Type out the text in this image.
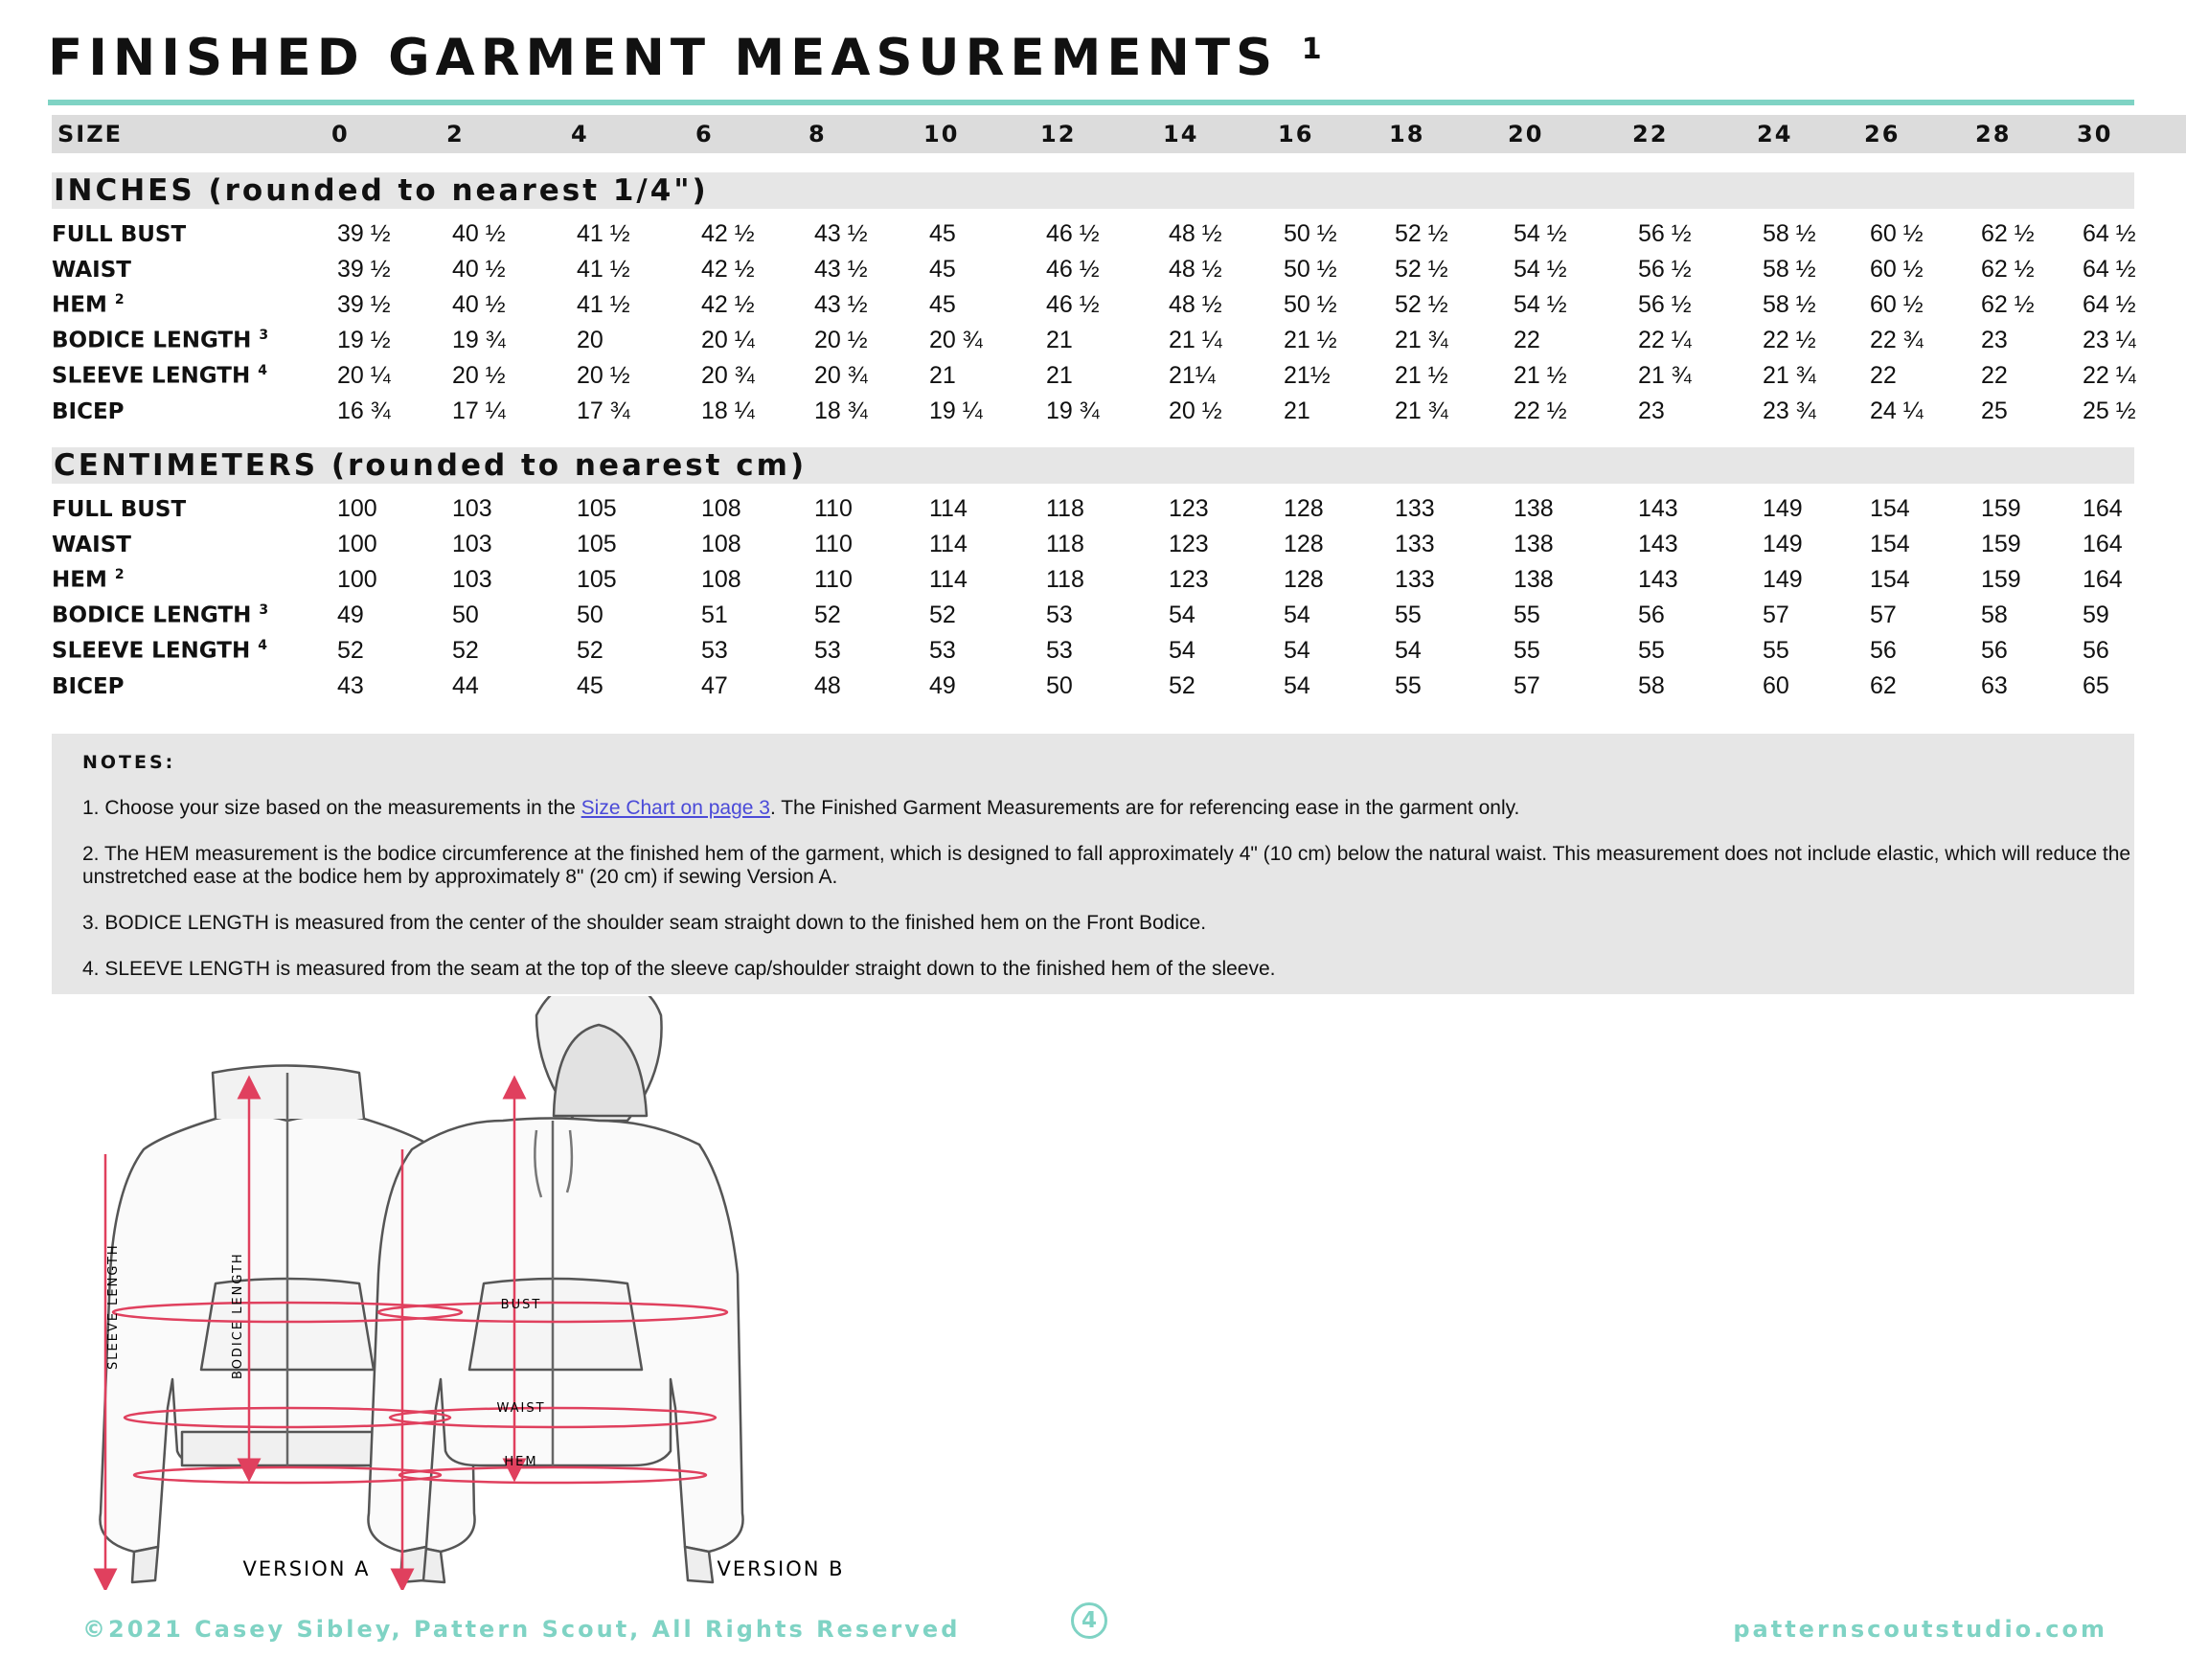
FINISHED GARMENT MEASUREMENTS $^1$
SIZE	0	2	4	6	8	10	12	14	16	18	20	22	24	26	28	30
INCHES (rounded to nearest 1/4")
FULL BUST	39 ½	40 ½	41 ½	42 ½	43 ½	45	46 ½	48 ½	50 ½	52 ½	54 ½	56 ½	58 ½	60 ½	62 ½	64 ½
WAIST	39 ½	40 ½	41 ½	42 ½	43 ½	45	46 ½	48 ½	50 ½	52 ½	54 ½	56 ½	58 ½	60 ½	62 ½	64 ½
HEM $^2$	39 ½	40 ½	41 ½	42 ½	43 ½	45	46 ½	48 ½	50 ½	52 ½	54 ½	56 ½	58 ½	60 ½	62 ½	64 ½
BODICE LENGTH $^3$	19 ½	19 ¾	20	20 ¼	20 ½	20 ¾	21	21 ¼	21 ½	21 ¾	22	22 ¼	22 ½	22 ¾	23	23 ¼
SLEEVE LENGTH $^4$	20 ¼	20 ½	20 ½	20 ¾	20 ¾	21	21	21¼	21½	21 ½	21 ½	21 ¾	21 ¾	22	22	22 ¼
BICEP	16 ¾	17 ¼	17 ¾	18 ¼	18 ¾	19 ¼	19 ¾	20 ½	21	21 ¾	22 ½	23	23 ¾	24 ¼	25	25 ½
CENTIMETERS (rounded to nearest cm)
FULL BUST	100	103	105	108	110	114	118	123	128	133	138	143	149	154	159	164
WAIST	100	103	105	108	110	114	118	123	128	133	138	143	149	154	159	164
HEM $^2$	100	103	105	108	110	114	118	123	128	133	138	143	149	154	159	164
BODICE LENGTH $^3$	49	50	50	51	52	52	53	54	54	55	55	56	57	57	58	59
SLEEVE LENGTH $^4$	52	52	52	53	53	53	53	54	54	54	55	55	55	56	56	56
BICEP	43	44	45	47	48	49	50	52	54	55	57	58	60	62	63	65
NOTES:

1. Choose your size based on the measurements in the Size Chart on page 3. The Finished Garment Measurements are for referencing ease in the garment only.

2. The HEM measurement is the bodice circumference at the finished hem of the garment, which is designed to fall approximately 4" (10 cm) below the natural waist. This measurement does not include elastic, which will reduce the unstretched ease at the bodice hem by approximately 8" (20 cm) if sewing Version A.

3. BODICE LENGTH is measured from the center of the shoulder seam straight down to the finished hem on the Front Bodice.

4. SLEEVE LENGTH is measured from the seam at the top of the sleeve cap/shoulder straight down to the finished hem of the sleeve.

SLEEVE LENGTH	BODICE LENGTH	BUST
WAIST
HEM
VERSION A	VERSION B
©2021 Casey Sibley, Pattern Scout, All Rights Reserved	4	patternscoutstudio.com
